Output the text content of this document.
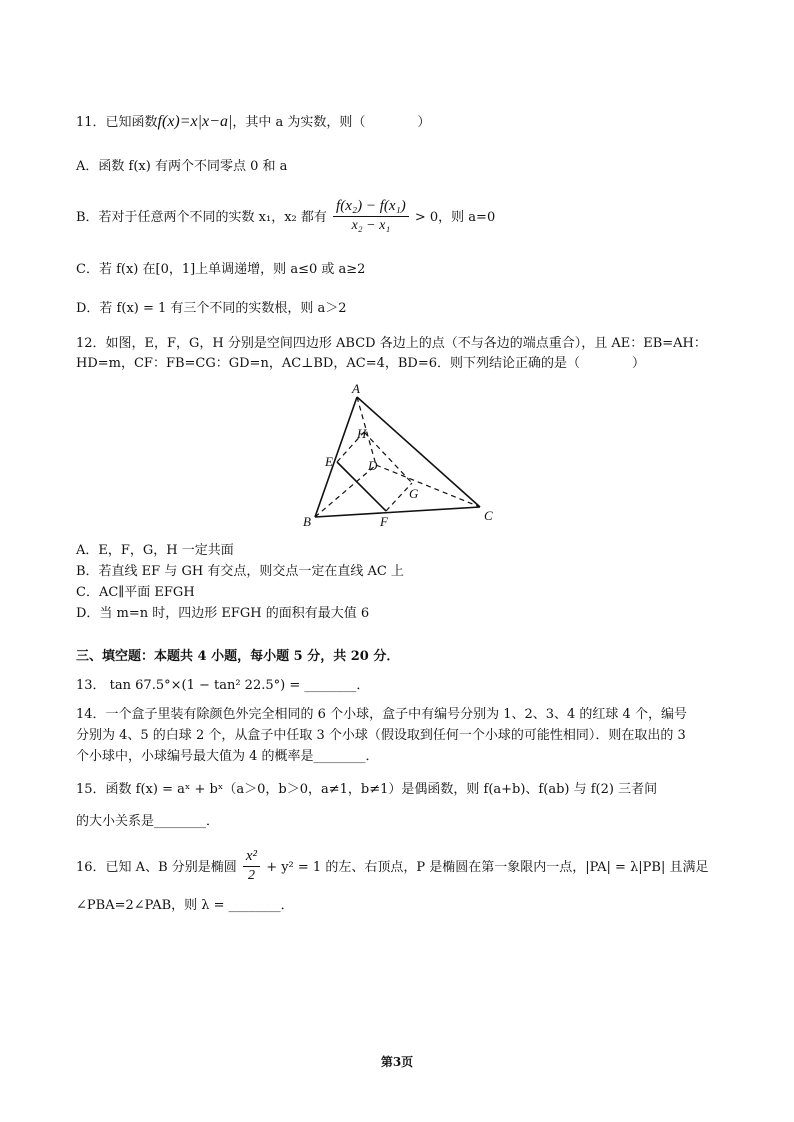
11．已知函数f(x)=x|x−a|，其中 a 为实数，则（　　　　）
A．函数 f(x) 有两个不同零点 0 和 a
B．若对于任意两个不同的实数 x₁，x₂ 都有 $\frac{\text{f(x₂) − f(x₁)}}{\text{x₂ − x₁}} > 0$，则 a=0
C．若 f(x) 在[0，1]上单调递增，则 a≤0 或 a≥2
D．若 f(x) = 1 有三个不同的实数根，则 a＞2
12．如图，E，F，G，H 分别是空间四边形 ABCD 各边上的点（不与各边的端点重合），且 AE：EB=AH：
HD=m，CF：FB=CG：GD=n，AC⊥BD，AC=4，BD=6．则下列结论正确的是（　　　　）
A
B	C
D
E
F
G
H
A．E，F，G，H 一定共面
B．若直线 EF 与 GH 有交点，则交点一定在直线 AC 上
C．AC∥平面 EFGH
D．当 m=n 时，四边形 EFGH 的面积有最大值 6
三、填空题：本题共 4 小题，每小题 5 分，共 20 分．
13． tan 67.5°×(1 − tan² 22.5°) = ________．
14．一个盒子里装有除颜色外完全相同的 6 个小球，盒子中有编号分别为 1、2、3、4 的红球 4 个，编号
分别为 4、5 的白球 2 个，从盒子中任取 3 个小球（假设取到任何一个小球的可能性相同）．则在取出的 3
个小球中，小球编号最大值为 4 的概率是________．
15．函数 f(x) = aˣ + bˣ（a＞0，b＞0，a≠1，b≠1）是偶函数，则 f(a+b)、f(ab) 与 f(2) 三者间
的大小关系是________．
16．已知 A、B 分别是椭圆 $\frac{\text{x²}}{2} + y^2 = 1$ 的左、右顶点，P 是椭圆在第一象限内一点，|PA| = λ|PB| 且满足
∠PBA=2∠PAB，则 λ = ________．
第3页
